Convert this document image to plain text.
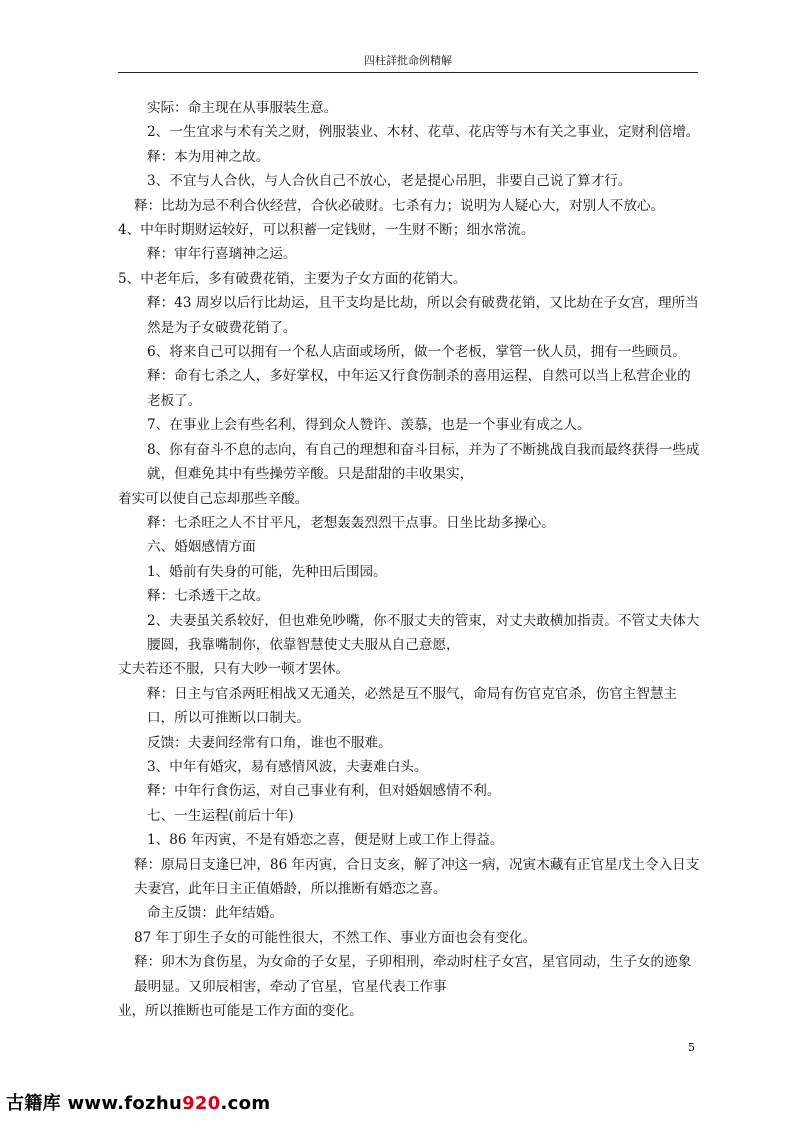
四柱詳批命例精解

实际：命主现在从事服装生意。

2、一生宜求与术有关之财，例服装业、木材、花草、花店等与木有关之事业，定财利倍增。

释：本为用神之故。

3、不宜与人合伙，与人合伙自己不放心，老是提心吊胆，非要自己说了算才行。

释：比劫为忌不利合伙经营，合伙必破财。七杀有力；说明为人疑心大，对别人不放心。

4、中年时期财运较好，可以积蓄一定钱财，一生财不断；细水常流。

释：审年行喜璃神之运。

5、中老年后，多有破费花销，主要为子女方面的花销大。

释：43 周岁以后行比劫运，且干支均是比劫，所以会有破费花销，又比劫在子女宫，理所当然是为子女破费花销了。

6、将来自己可以拥有一个私人店面或场所，做一个老板，掌管一伙人员，拥有一些顾员。

释：命有七杀之人，多好掌权，中年运又行食伤制杀的喜用运程，自然可以当上私营企业的老板了。

7、在事业上会有些名利，得到众人赞许、羡慕，也是一个事业有成之人。

8、你有奋斗不息的志向，有自己的理想和奋斗目标，并为了不断挑战自我而最终获得一些成就，但难免其中有些操劳辛酸。只是甜甜的丰收果实，

着实可以使自己忘却那些辛酸。

释：七杀旺之人不甘平凡，老想轰轰烈烈干点事。日坐比劫多操心。

六、婚姻感情方面

1、婚前有失身的可能，先种田后围园。

释：七杀透干之故。

2、夫妻虽关系较好，但也难免吵嘴，你不服丈夫的管束，对丈夫敢横加指责。不管丈夫体大腰圆，我靠嘴制你，依靠智慧使丈夫服从自己意愿，

丈夫若还不服，只有大吵一顿才罢休。

释：日主与官杀两旺相战又无通关，必然是互不服气，命局有伤官克官杀，伤官主智慧主口，所以可推断以口制夫。

反馈：夫妻间经常有口角，谁也不服难。

3、中年有婚灾，易有感情风波，夫妻难白头。

释：中年行食伤运，对自己事业有利，但对婚姻感情不利。

七、一生运程(前后十年)

1、86 年丙寅，不是有婚恋之喜，便是财上或工作上得益。

释：原局日支逢巳冲，86 年丙寅，合日支亥，解了冲这一病，况寅木藏有正官星戊土令入日支夫妻宫，此年日主正值婚龄，所以推断有婚恋之喜。

命主反馈：此年结婚。

87 年丁卯生子女的可能性很大，不然工作、事业方面也会有变化。

释：卯木为食伤星，为女命的子女星，子卯相刑，牵动时柱子女宫，星官同动，生子女的迹象最明显。又卯辰相害，牵动了官星，官星代表工作事

业，所以推断也可能是工作方面的变化。

5
古籍库 www.fozhu920.com
